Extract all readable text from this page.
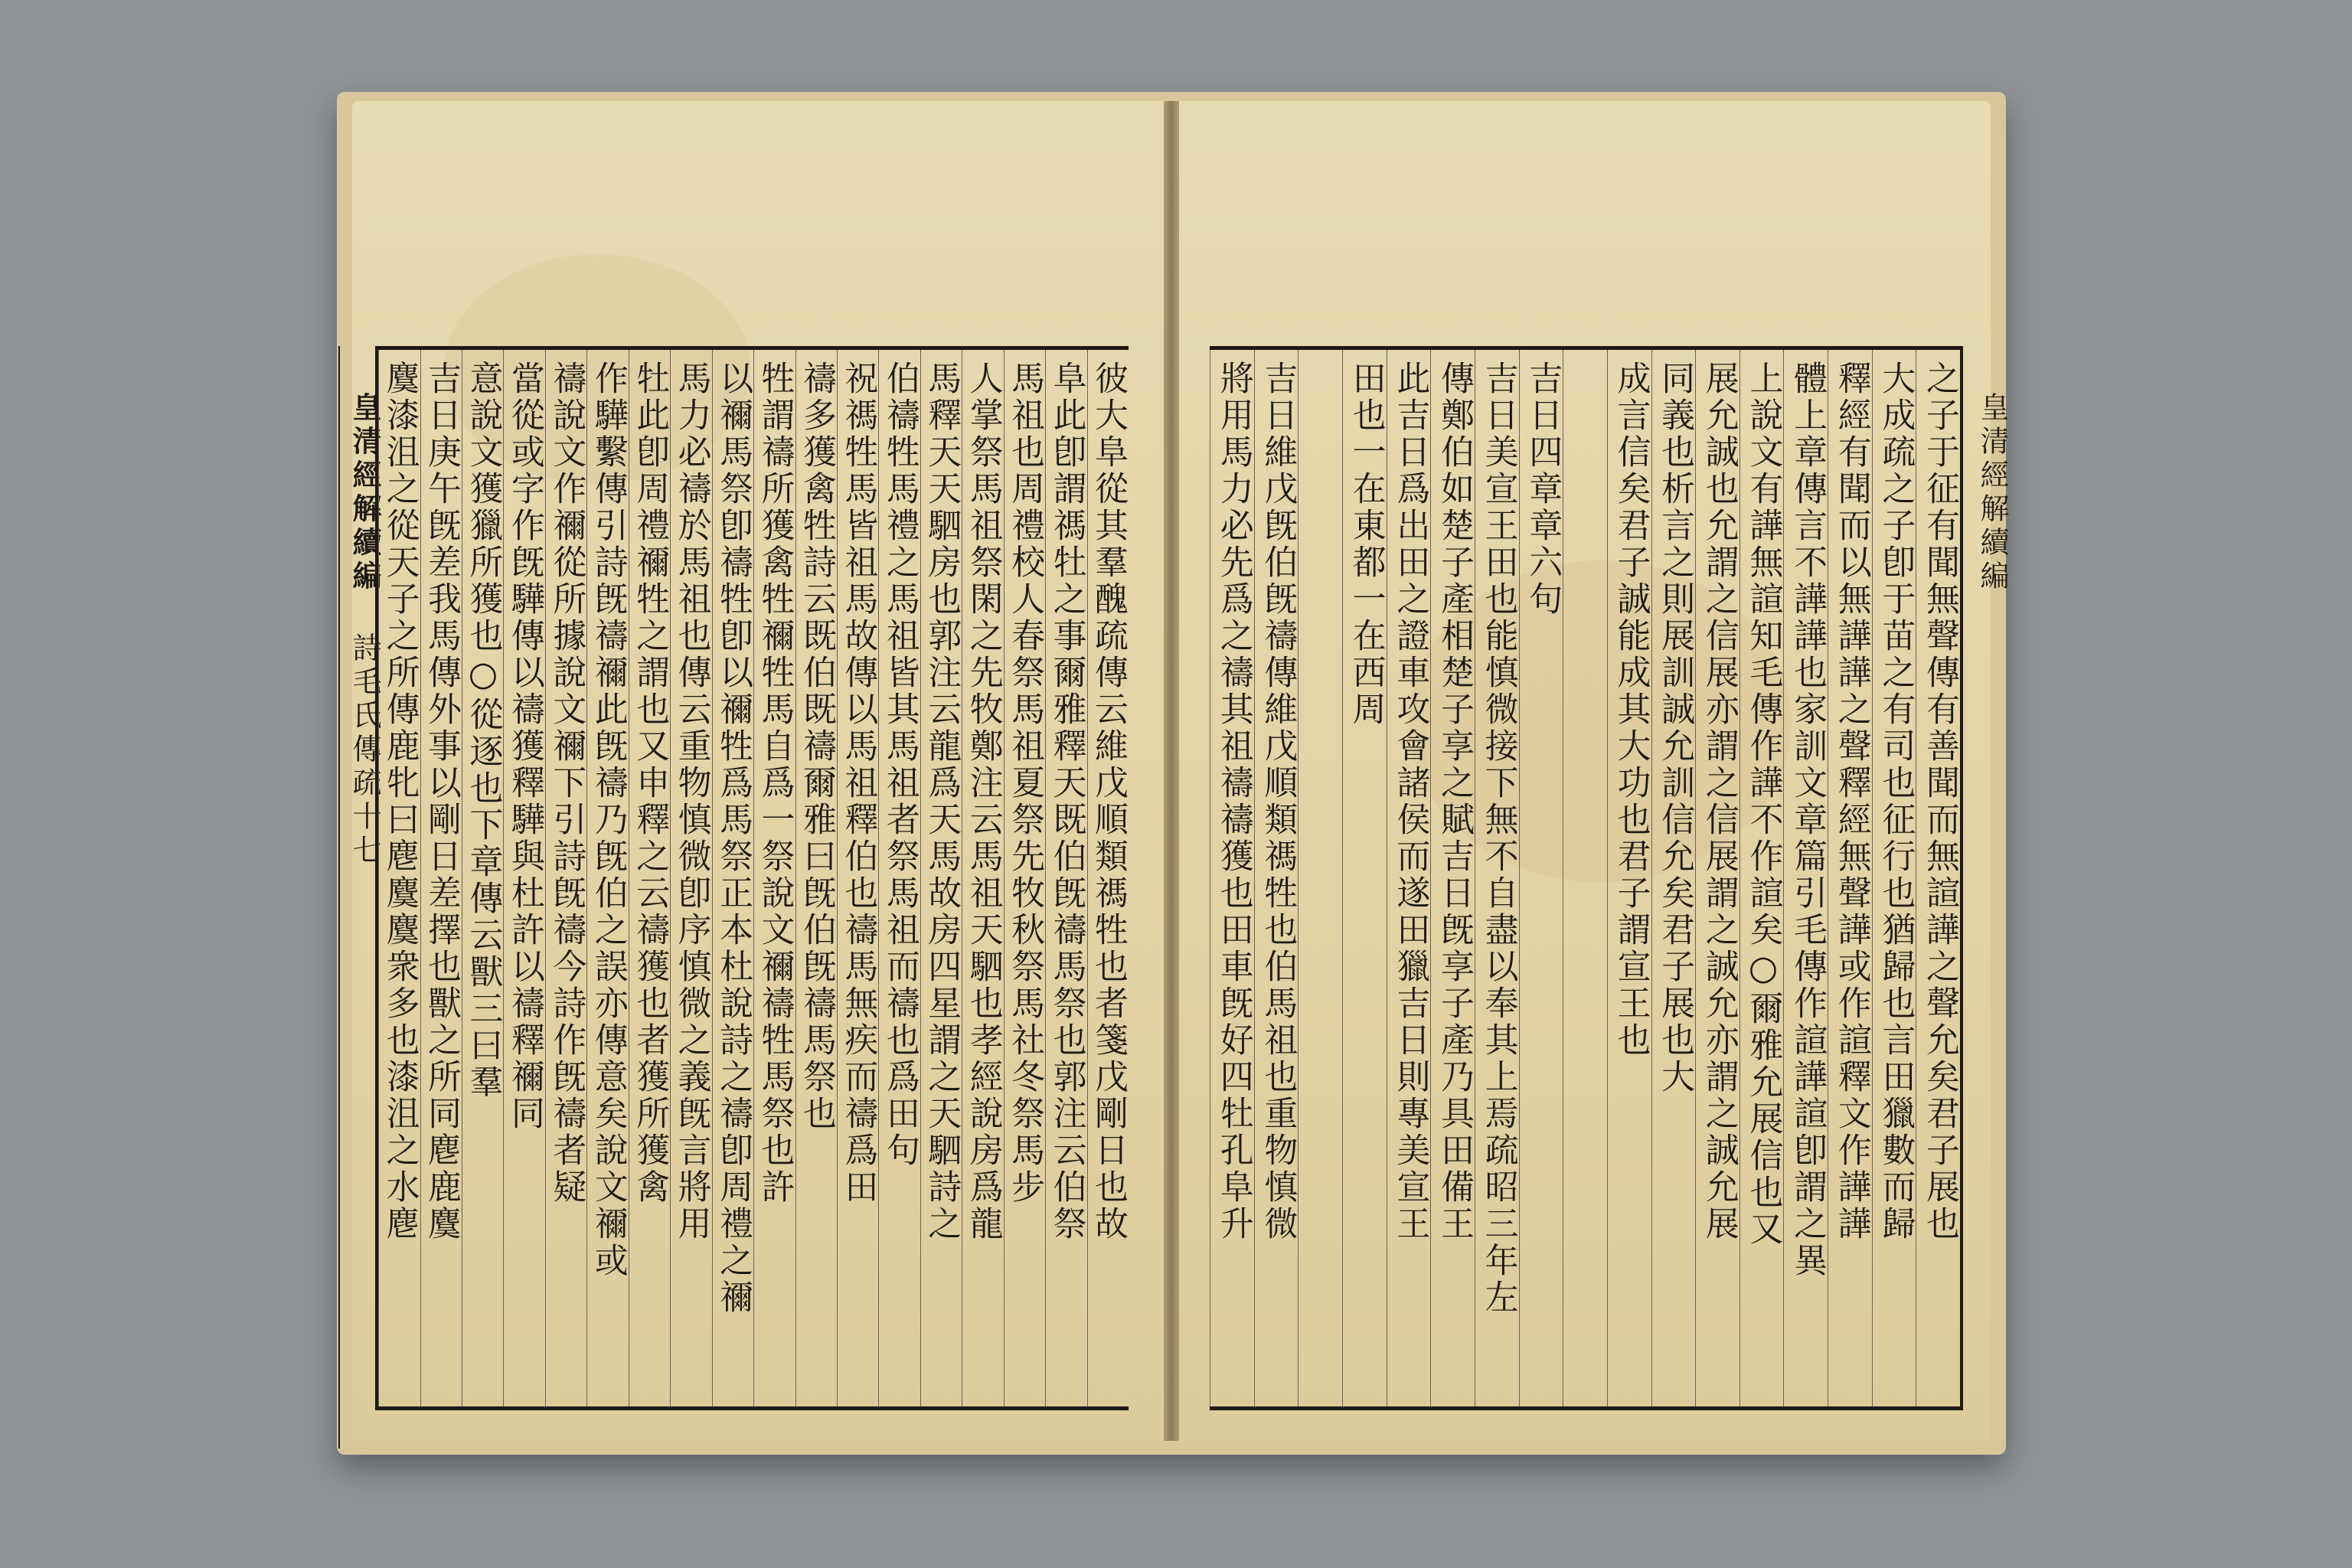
皇清經解續編 詩毛氏傳疏十七	彼大阜從其羣醜疏傳云維戊順類禡牲也者箋戊剛日也故
阜此卽謂禡牡之事爾雅釋天既伯旣禱馬祭也郭注云伯祭
馬祖也周禮校人春祭馬祖夏祭先牧秋祭馬社冬祭馬步
人掌祭馬祖祭閑之先牧鄭注云馬祖天駟也孝經說房爲龍
馬釋天天駟房也郭注云龍爲天馬故房四星謂之天駟詩之
伯禱牲馬禮之馬祖皆其馬祖者祭馬祖而禱也爲田句
祝禡牲馬皆祖馬故傳以馬祖釋伯也禱馬無疾而禱爲田
禱多獲禽牲詩云既伯既禱爾雅曰旣伯旣禱馬祭也
牲謂禱所獲禽牲禰牲馬自爲一祭說文禰禱牲馬祭也許
以禰馬祭卽禱牲卽以禰牲爲馬祭正本杜說詩之禱卽周禮之禰
馬力必禱於馬祖也傳云重物慎微卽序慎微之義旣言將用
牡此卽周禮禰牲之謂也又申釋之云禱獲也者獲所獲禽
作驊繫傳引詩旣禱禰此旣禱乃旣伯之誤亦傳意矣說文禰或
禱說文作禰從所據說文禰下引詩旣禱今詩作旣禱者疑
當從或字作旣驊傳以禱獲釋驊與杜許以禱釋禰同
意說文獲獵所獲也○從逐也下章傳云獸三曰羣
吉日庚午旣差我馬傳外事以剛日差擇也獸之所同麀鹿麌
麌漆沮之從天子之所傳鹿牝曰麀麌麌衆多也漆沮之水麀	之子于征有聞無聲傳有善聞而無諠譁之聲允矣君子展也
大成疏之子卽于苗之有司也征行也猶歸也言田獵數而歸
釋經有聞而以無譁譁之聲釋經無聲譁或作諠釋文作譁譁
體上章傳言不譁譁也家訓文章篇引毛傳作諠譁諠卽謂之異
上說文有譁無諠知毛傳作譁不作諠矣○爾雅允展信也又
展允誠也允謂之信展亦謂之信展謂之誠允亦謂之誠允展
同義也析言之則展訓誠允訓信允矣君子展也大
成言信矣君子誠能成其大功也君子謂宣王也
吉日四章章六句
吉日美宣王田也能慎微接下無不自盡以奉其上焉疏昭三年左
傳鄭伯如楚子產相楚子享之賦吉日旣享子產乃具田備王
此吉日爲出田之證車攻會諸侯而遂田獵吉日則專美宣王
田也一在東都一在西周
吉日維戊旣伯旣禱傳維戊順類禡牲也伯馬祖也重物慎微
將用馬力必先爲之禱其祖禱禱獲也田車旣好四牡孔阜升	皇清經解續編
